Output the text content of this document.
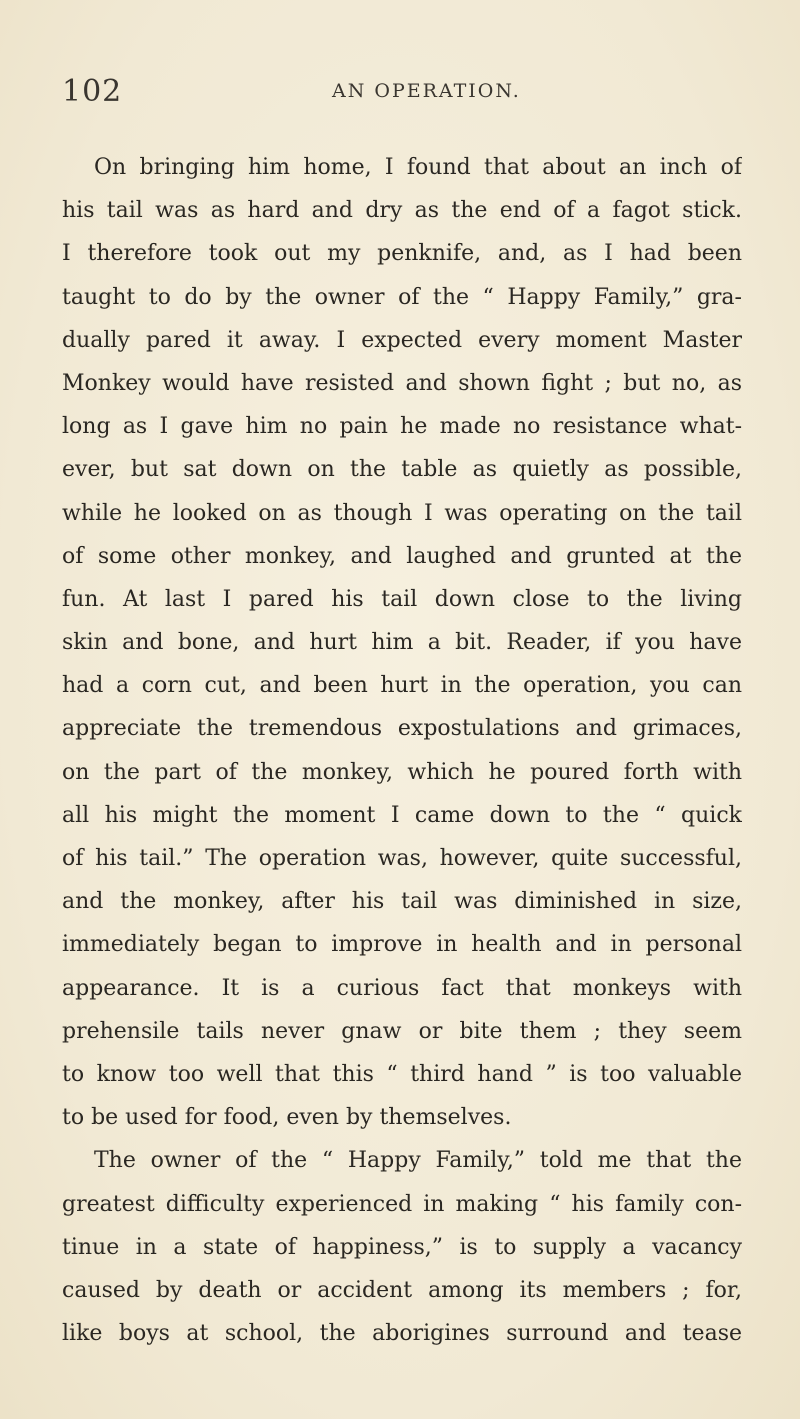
102	AN OPERATION.
On bringing him home, I found that about an inch of
his tail was as hard and dry as the end of a fagot stick.
I therefore took out my penknife, and, as I had been
taught to do by the owner of the “ Happy Family,” gra-
dually pared it away. I expected every moment Master
Monkey would have resisted and shown fight ; but no, as
long as I gave him no pain he made no resistance what-
ever, but sat down on the table as quietly as possible,
while he looked on as though I was operating on the tail
of some other monkey, and laughed and grunted at the
fun. At last I pared his tail down close to the living
skin and bone, and hurt him a bit. Reader, if you have
had a corn cut, and been hurt in the operation, you can
appreciate the tremendous expostulations and grimaces,
on the part of the monkey, which he poured forth with
all his might the moment I came down to the “ quick
of his tail.” The operation was, however, quite successful,
and the monkey, after his tail was diminished in size,
immediately began to improve in health and in personal
appearance. It is a curious fact that monkeys with
prehensile tails never gnaw or bite them ; they seem
to know too well that this “ third hand ” is too valuable
to be used for food, even by themselves.
The owner of the “ Happy Family,” told me that the
greatest difficulty experienced in making “ his family con-
tinue in a state of happiness,” is to supply a vacancy
caused by death or accident among its members ; for,
like boys at school, the aborigines surround and tease
